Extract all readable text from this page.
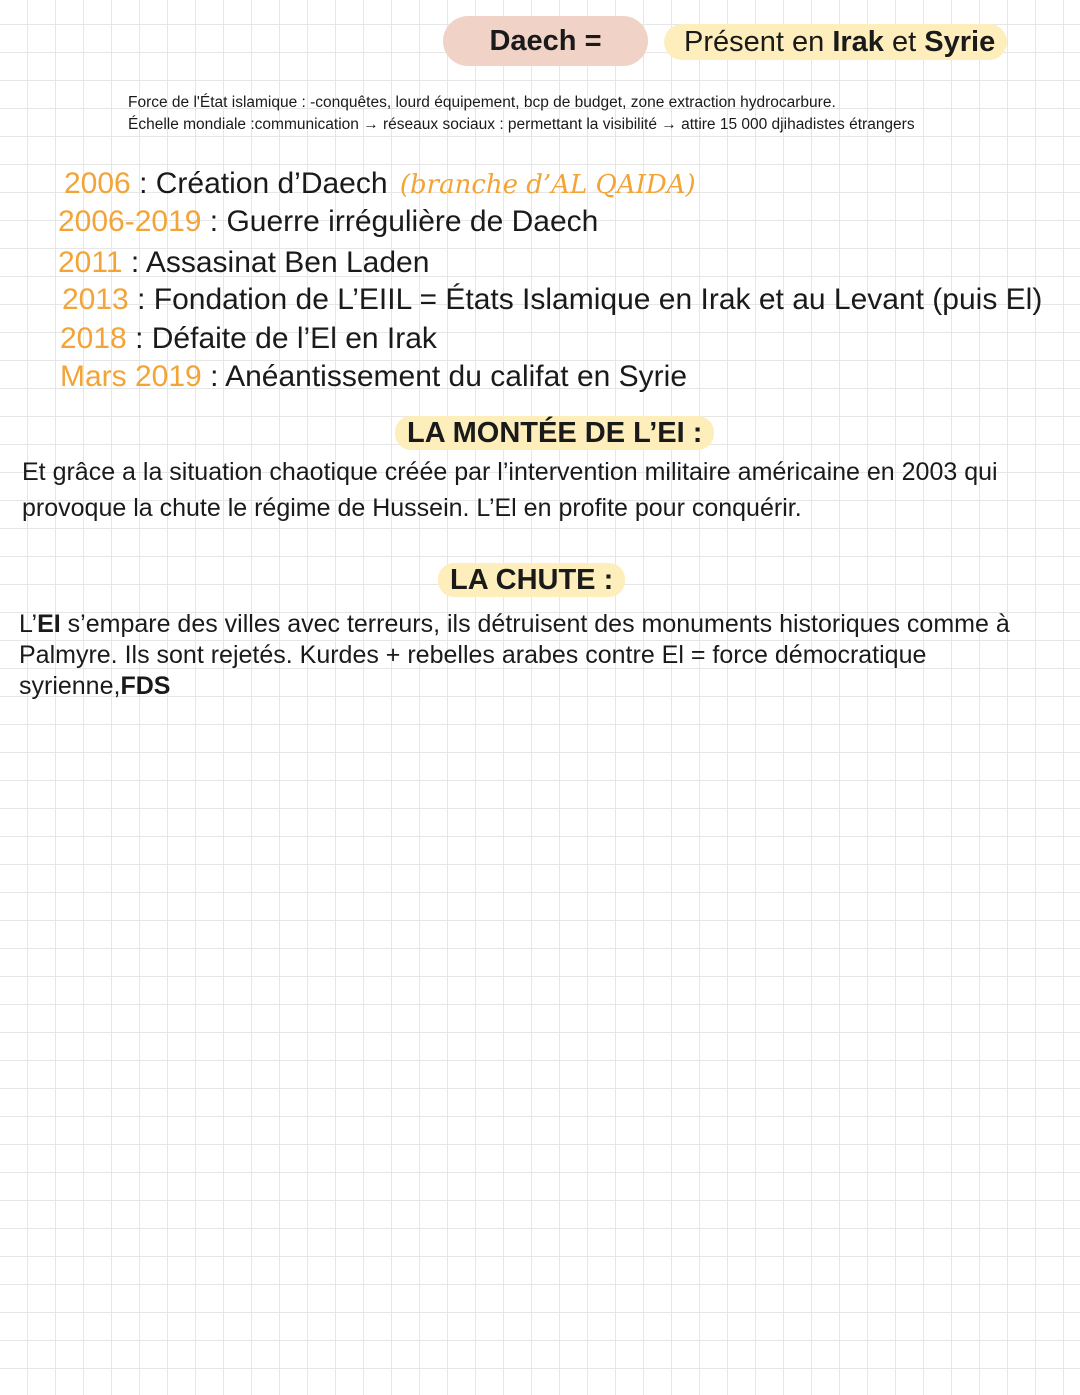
Daech =	Présent en Irak et Syrie
Force de l'État islamique : -conquêtes, lourd équipement, bcp de budget, zone extraction hydrocarbure.
Échelle mondiale :communication → réseaux sociaux : permettant la visibilité → attire 15 000 djihadistes étrangers
2006 : Création d’Daech (branche d’AL QAIDA)
2006-2019 : Guerre irrégulière de Daech
2011 : Assasinat Ben Laden
2013 : Fondation de L’EIIL = États Islamique en Irak et au Levant (puis El)
2018 : Défaite de l’El en Irak
Mars 2019 : Anéantissement du califat en Syrie
LA MONTÉE DE L’EI :
Et grâce a la situation chaotique créée par l’intervention militaire américaine en 2003 qui provoque la chute le régime de Hussein. L’El en profite pour conquérir.
LA CHUTE :
L’EI s’empare des villes avec terreurs, ils détruisent des monuments historiques comme à Palmyre. Ils sont rejetés. Kurdes + rebelles arabes contre El = force démocratique syrienne,FDS
